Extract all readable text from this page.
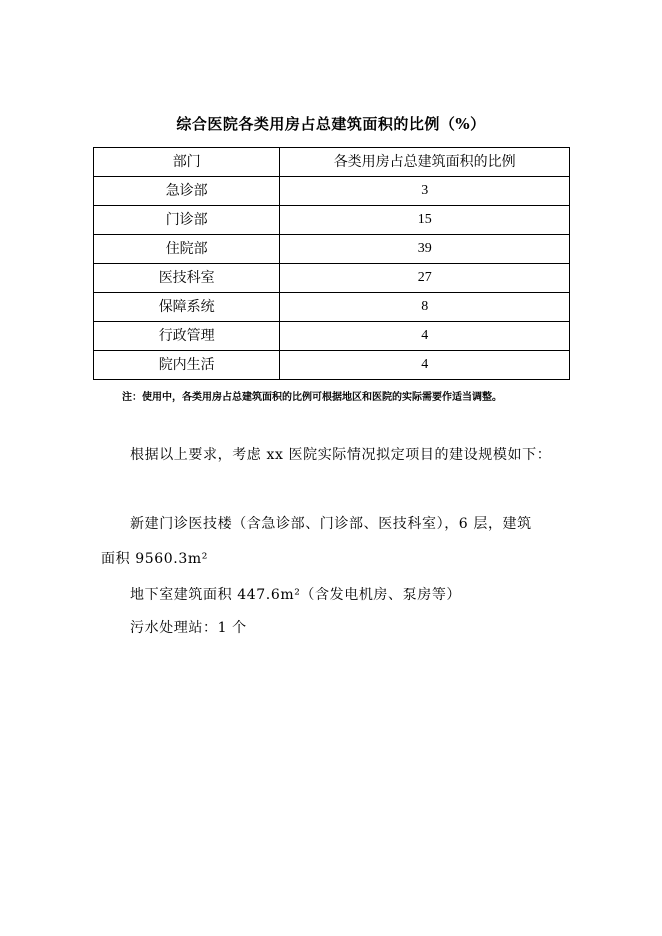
综合医院各类用房占总建筑面积的比例（%）
部门	各类用房占总建筑面积的比例
急诊部	3
门诊部	15
住院部	39
医技科室	27
保障系统	8
行政管理	4
院内生活	4
注：使用中，各类用房占总建筑面积的比例可根据地区和医院的实际需要作适当调整。
根据以上要求，考虑 xx 医院实际情况拟定项目的建设规模如下：
新建门诊医技楼（含急诊部、门诊部、医技科室），6 层，建筑
面积 9560.3m²
地下室建筑面积 447.6m²（含发电机房、泵房等）
污水处理站：1 个
